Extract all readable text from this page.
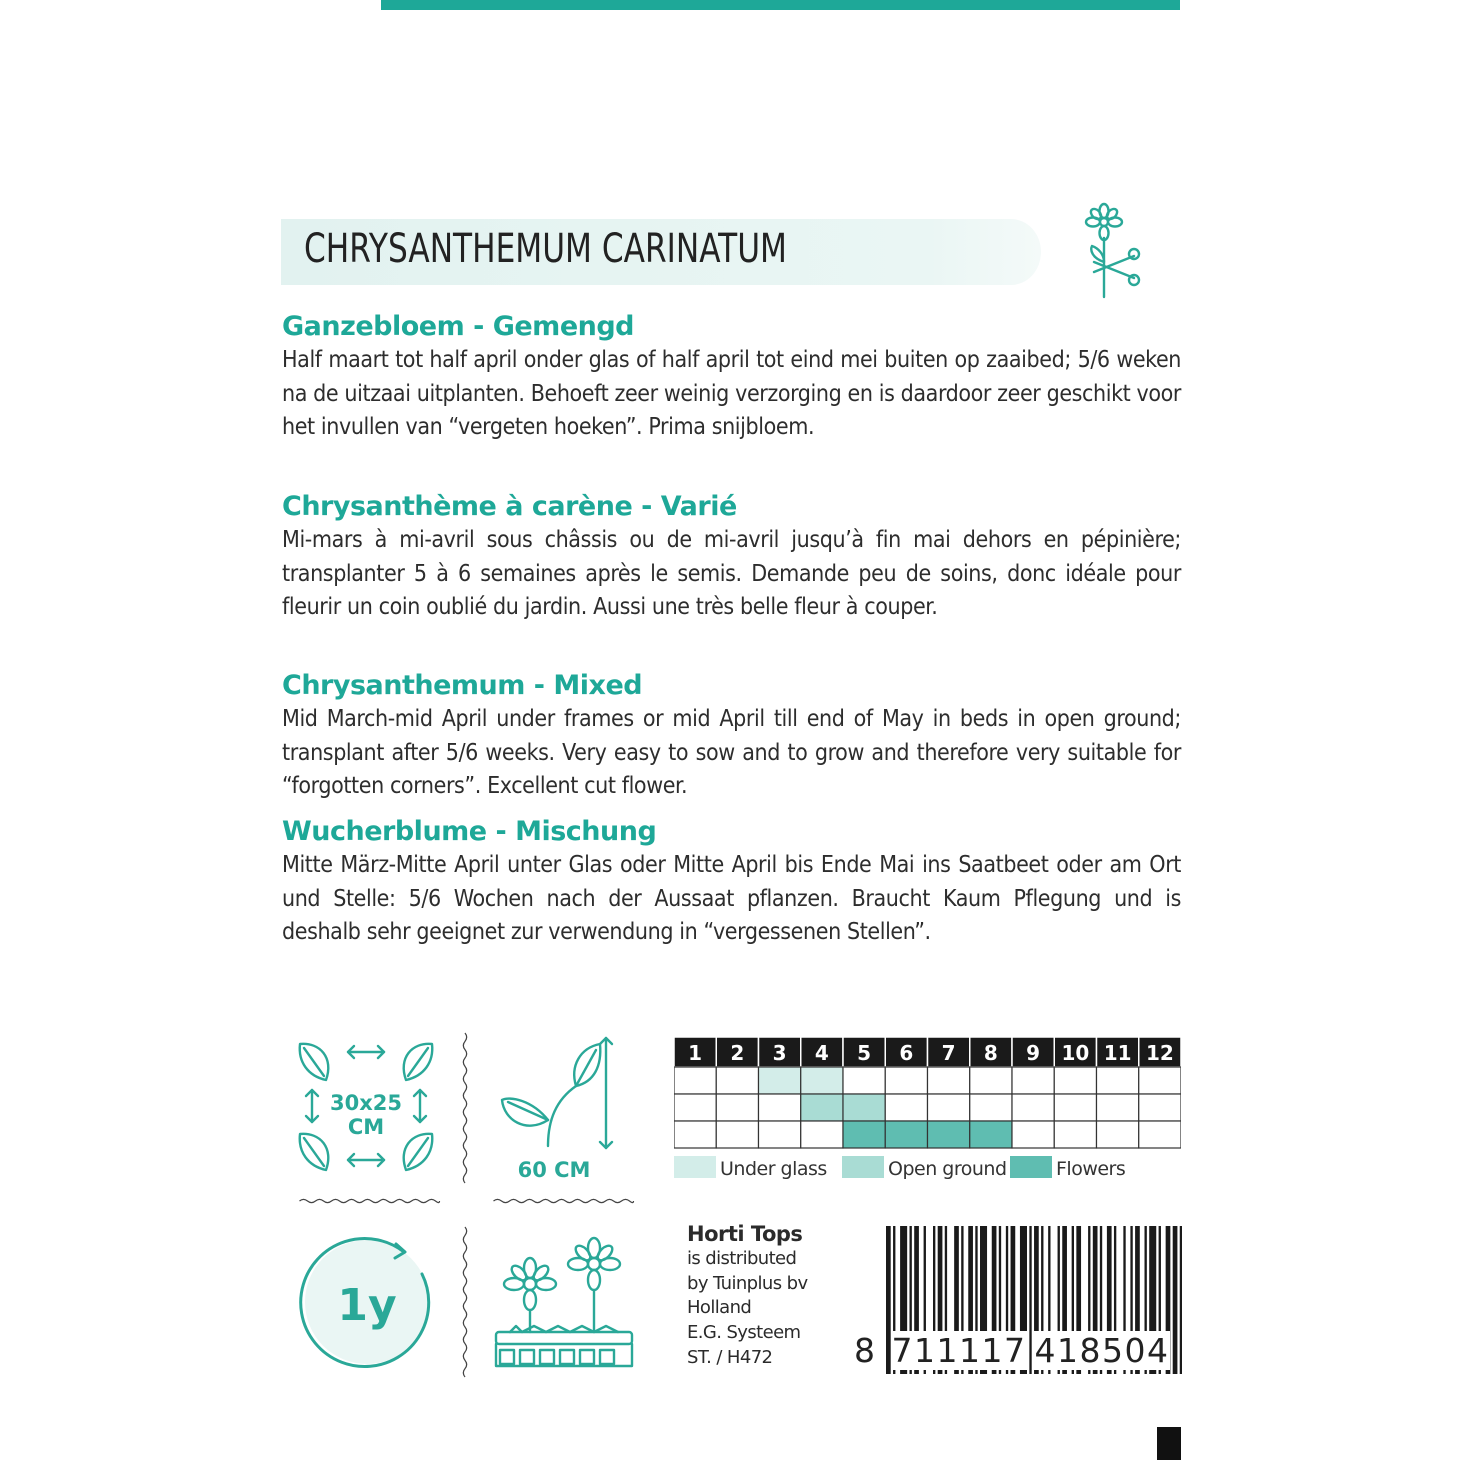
CHRYSANTHEMUM CARINATUM
Ganzebloem - Gemengd

Half maart tot half april onder glas of half april tot eind mei buiten op zaaibed; 5/6 weken na de uitzaai uitplanten. Behoeft zeer weinig verzorging en is daardoor zeer geschikt voor het invullen van “vergeten hoeken”. Prima snijbloem.

Chrysanthème à carène - Varié

Mi-mars à mi-avril sous châssis ou de mi-avril jusqu’à fin mai dehors en pépinière; transplanter 5 à 6 semaines après le semis. Demande peu de soins, donc idéale pour fleurir un coin oublié du jardin. Aussi une très belle fleur à couper.

Chrysanthemum - Mixed

Mid March-mid April under frames or mid April till end of May in beds in open ground; transplant after 5/6 weeks. Very easy to sow and to grow and therefore very suitable for “forgotten corners”. Excellent cut flower.

Wucherblume - Mischung

Mitte März-Mitte April unter Glas oder Mitte April bis Ende Mai ins Saatbeet oder am Ort und Stelle: 5/6 Wochen nach der Aussaat pflanzen. Braucht Kaum Pflegung und is deshalb sehr geeignet zur verwendung in “vergessenen Stellen”.

30x25
CM
60 CM
1y
1 2 3 4 5 6 7 8 9 10 11 12
Under glass	Open ground	Flowers
Horti Tops
is distributed
by Tuinplus bv
Holland
E.G. Systeem
ST. / H472	8 711117 418504
